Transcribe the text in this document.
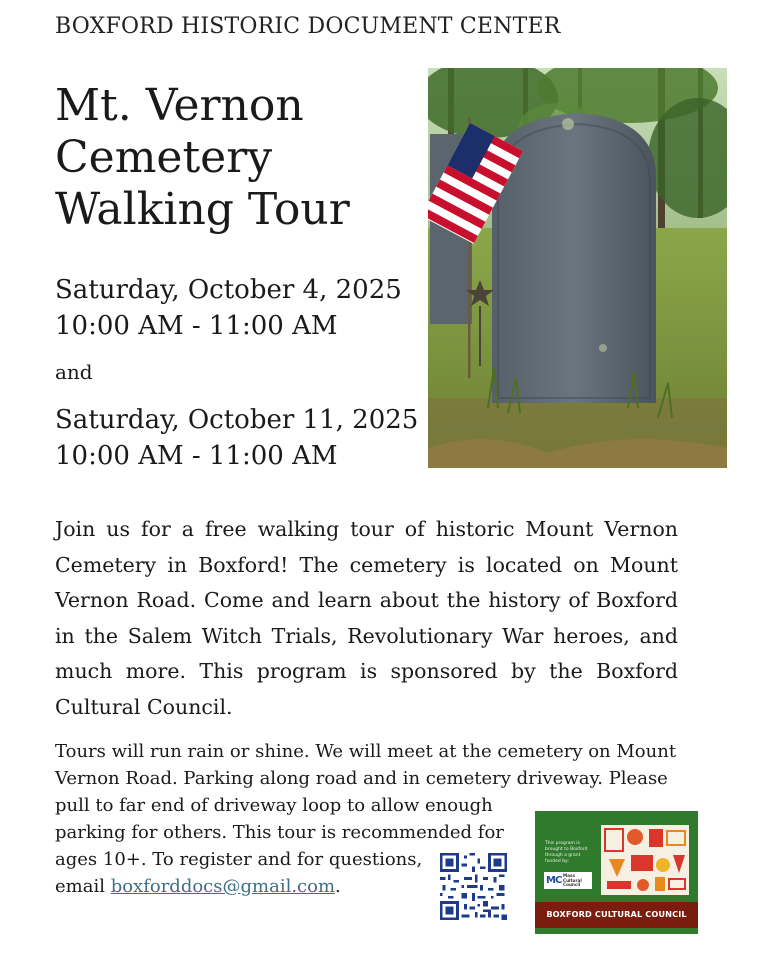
BOXFORD HISTORIC DOCUMENT CENTER
Mt. Vernon Cemetery Walking Tour
Saturday, October 4, 2025
10:00 AM - 11:00 AM
and
Saturday, October 11, 2025
10:00 AM - 11:00 AM

Join us for a free walking tour of historic Mount Vernon Cemetery in Boxford! The cemetery is located on Mount Vernon Road. Come and learn about the history of Boxford in the Salem Witch Trials, Revolutionary War heroes, and much more. This program is sponsored by the Boxford Cultural Council.

Tours will run rain or shine. We will meet at the cemetery on Mount Vernon Road. Parking along road and in cemetery driveway. Please
pull to far end of driveway loop to allow enough parking for others. This tour is recommended for ages 10+. To register and for questions,
email boxforddocs@gmail.com.

This program is brought to Boxford through a grant funded by:
MC Mass Cultural Council
BOXFORD CULTURAL COUNCIL
